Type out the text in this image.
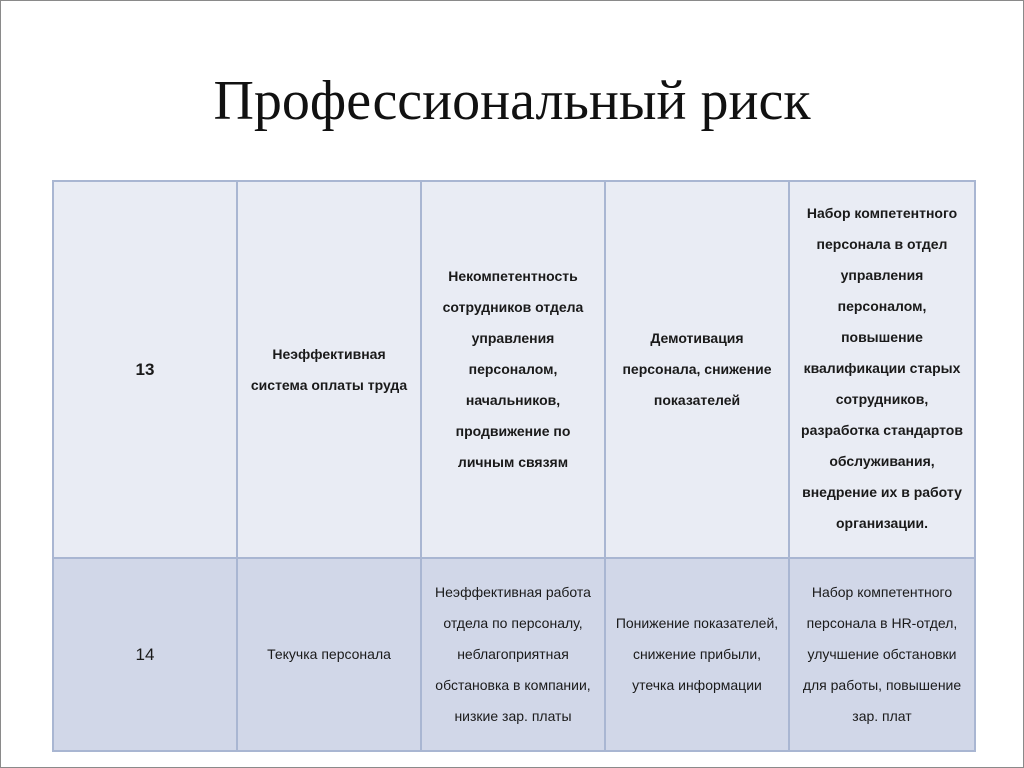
Профессиональный риск
13	Неэффективная система оплаты труда	Некомпетентность сотрудников отдела управления персоналом, начальников, продвижение по личным связям	Демотивация персонала, снижение показателей	Набор компетентного персонала в отдел управления персоналом, повышение квалификации старых сотрудников, разработка стандартов обслуживания, внедрение их в работу организации.

14	Текучка персонала	Неэффективная работа отдела по персоналу, неблагоприятная обстановка в компании, низкие зар. платы	Понижение показателей, снижение прибыли, утечка информации	Набор компетентного персонала в HR-отдел, улучшение обстановки для работы, повышение зар. плат
